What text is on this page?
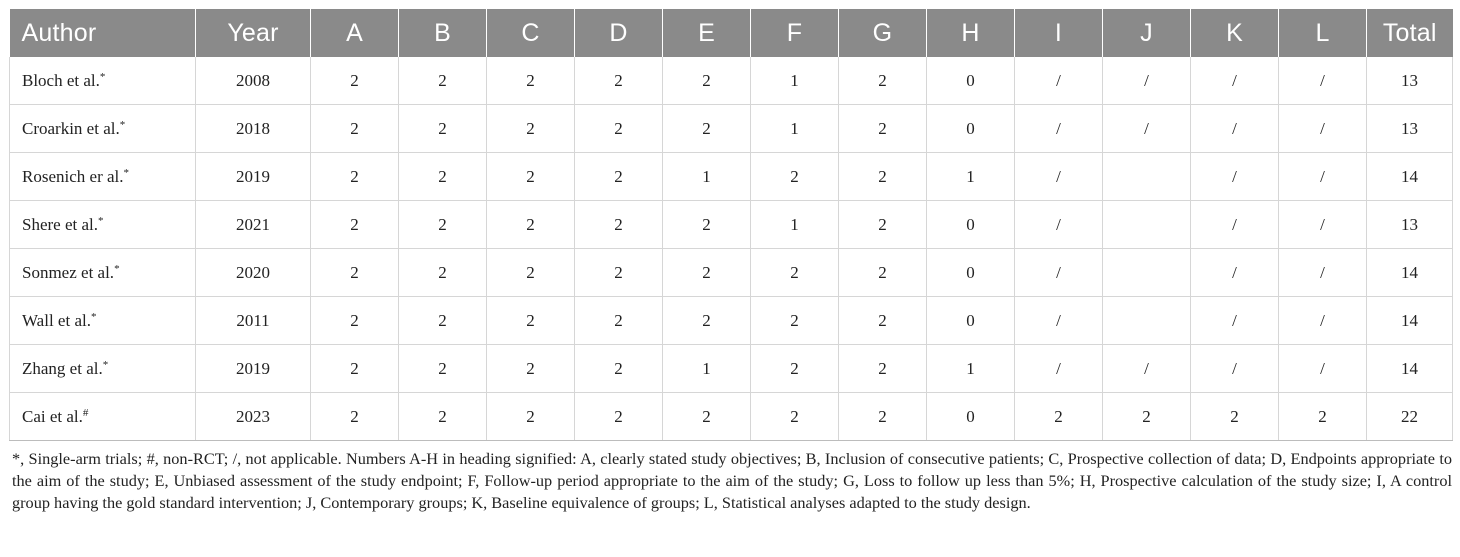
Author	Year	A	B	C	D	E	F	G	H	I	J	K	L	Total
Bloch et al.*	2008	2	2	2	2	2	1	2	0	/	/	/	/	13
Croarkin et al.*	2018	2	2	2	2	2	1	2	0	/	/	/	/	13
Rosenich er al.*	2019	2	2	2	2	1	2	2	1	/		/	/	14
Shere et al.*	2021	2	2	2	2	2	1	2	0	/		/	/	13
Sonmez et al.*	2020	2	2	2	2	2	2	2	0	/		/	/	14
Wall et al.*	2011	2	2	2	2	2	2	2	0	/		/	/	14
Zhang et al.*	2019	2	2	2	2	1	2	2	1	/	/	/	/	14
Cai et al.#	2023	2	2	2	2	2	2	2	0	2	2	2	2	22
*, Single-arm trials; #, non-RCT; /, not applicable. Numbers A-H in heading signified: A, clearly stated study objectives; B, Inclusion of consecutive patients; C, Prospective collection of data; D, Endpoints appropriate to the aim of the study; E, Unbiased assessment of the study endpoint; F, Follow-up period appropriate to the aim of the study; G, Loss to follow up less than 5%; H, Prospective calculation of the study size; I, A control group having the gold standard intervention; J, Contemporary groups; K, Baseline equivalence of groups; L, Statistical analyses adapted to the study design.
